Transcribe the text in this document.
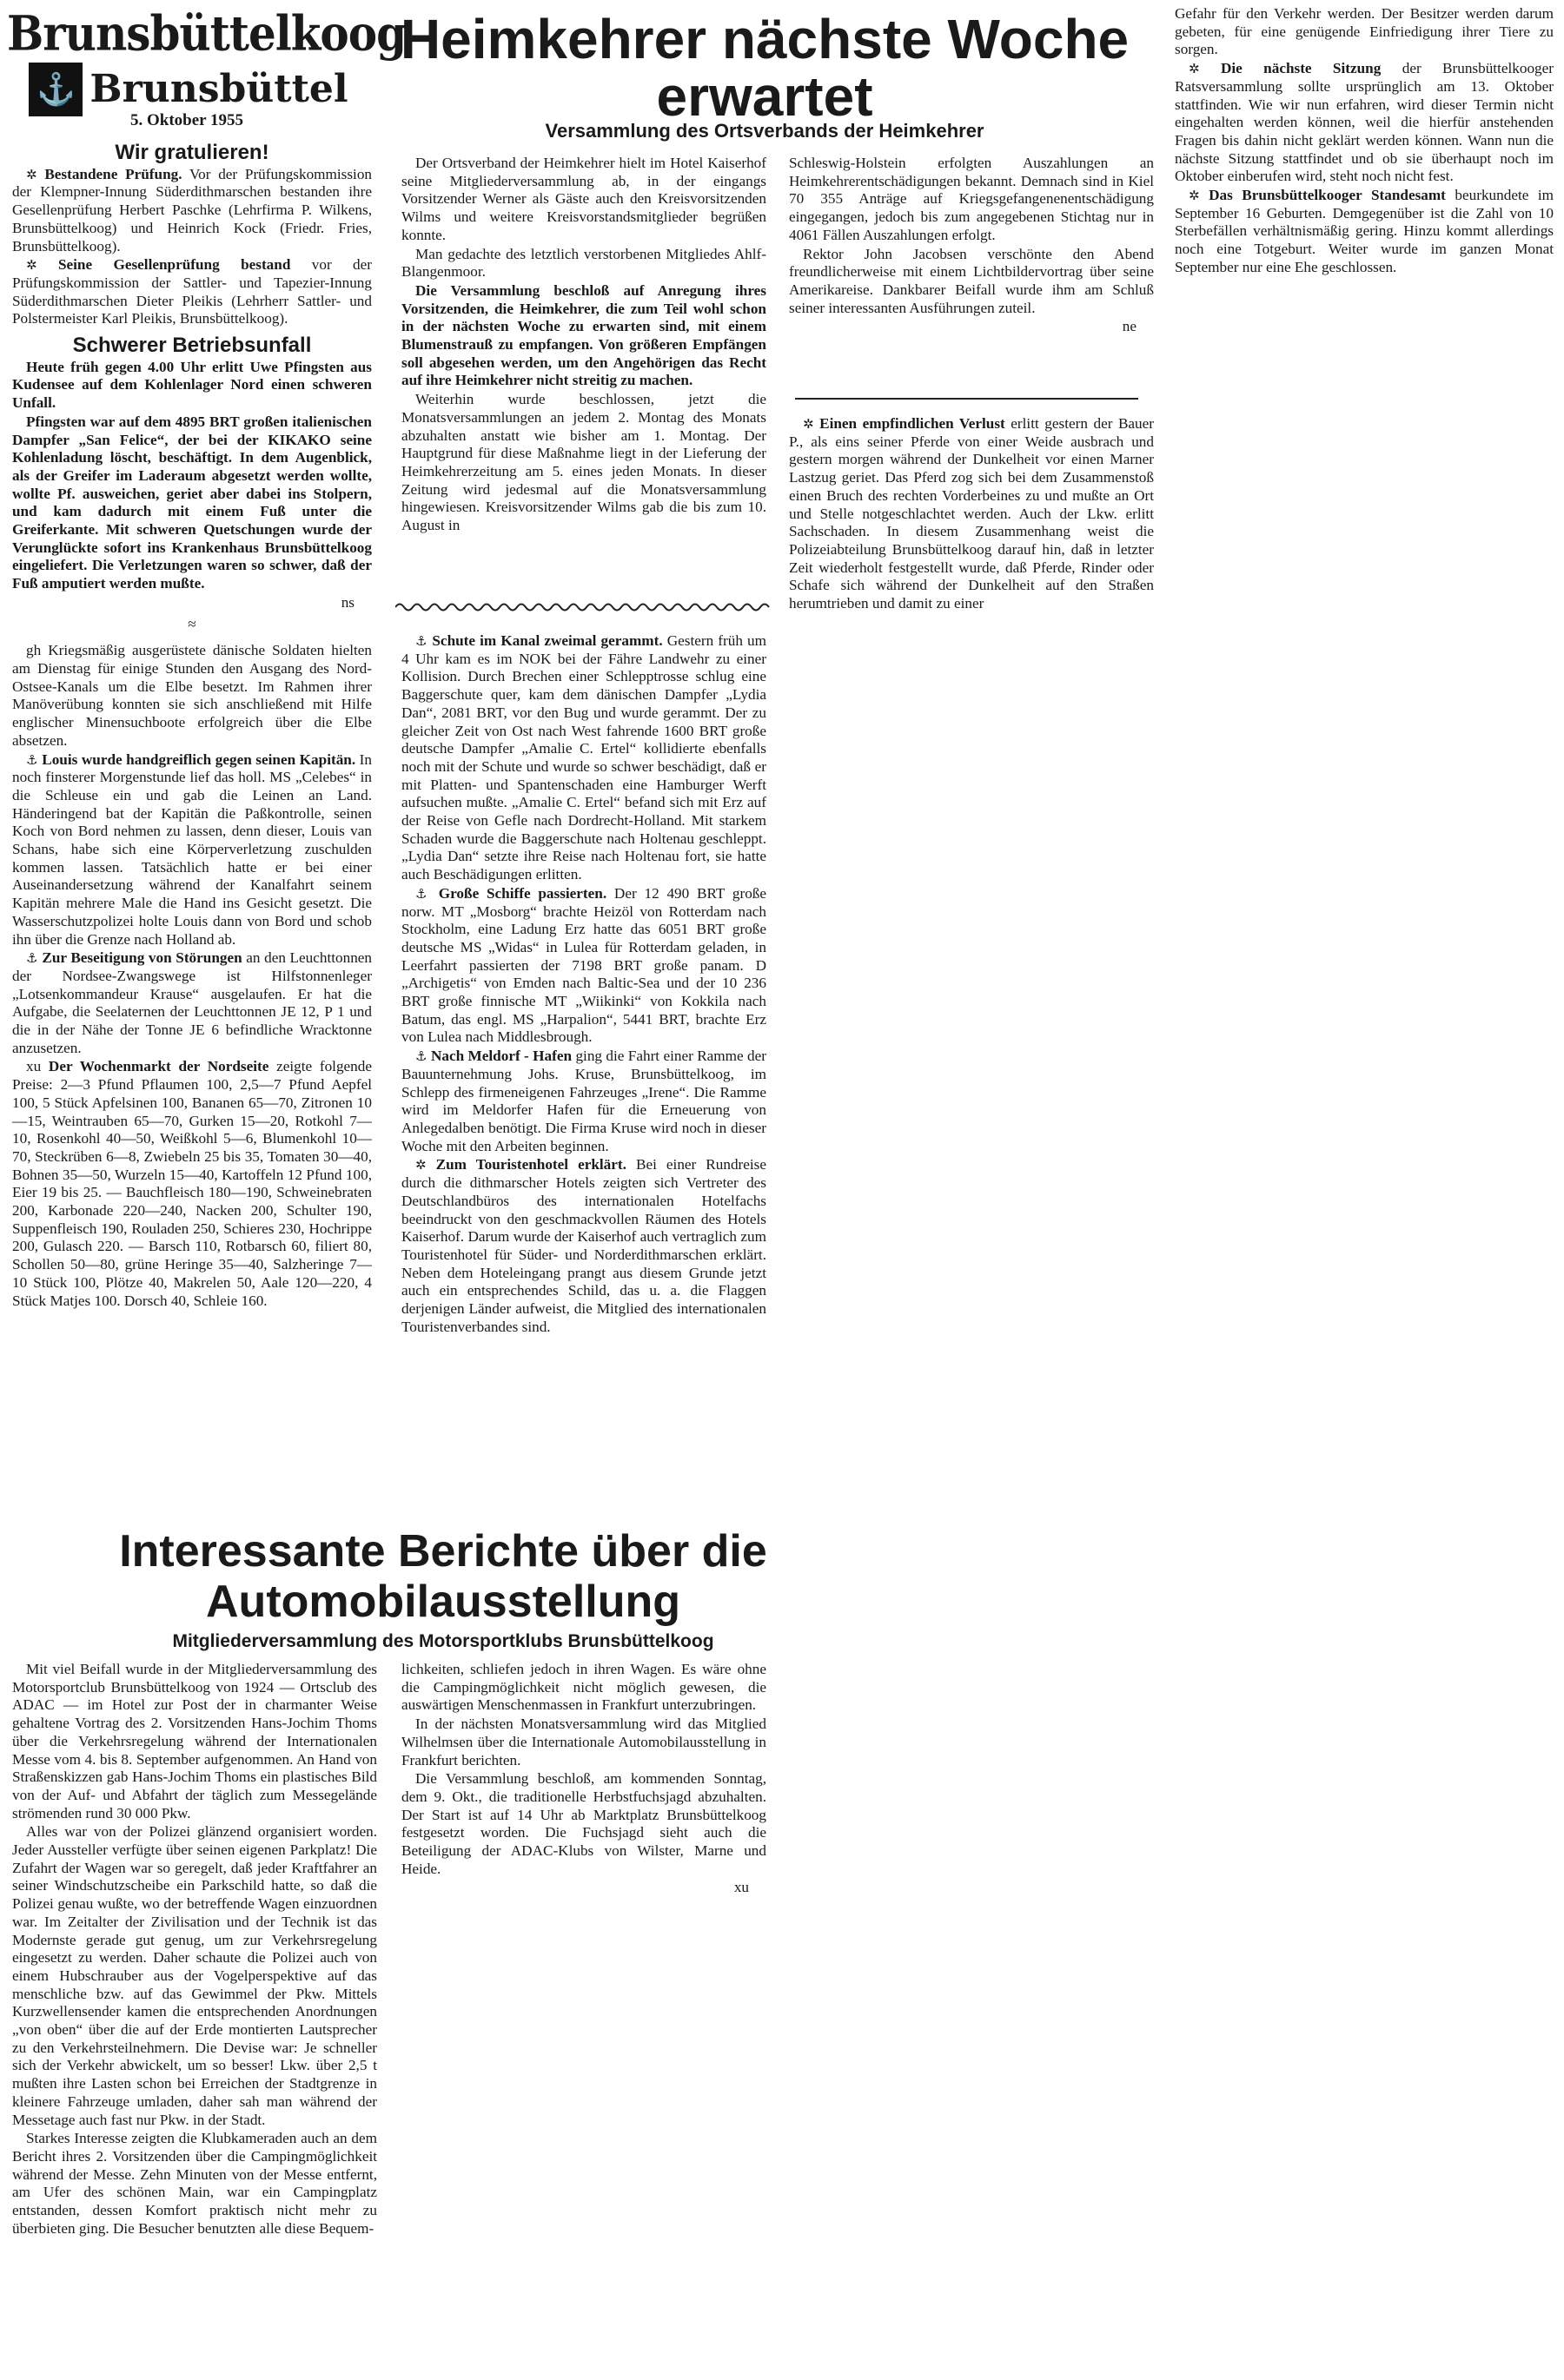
Brunsbüttelkoog
⚓ Brunsbüttel
5. Oktober 1955
Wir gratulieren!

✲ Bestandene Prüfung. Vor der Prüfungskommission der Klempner-Innung Süderdithmarschen bestanden ihre Gesellenprüfung Herbert Paschke (Lehrfirma P. Wilkens, Brunsbüttelkoog) und Heinrich Kock (Friedr. Fries, Brunsbüttelkoog).

✲ Seine Gesellenprüfung bestand vor der Prüfungskommission der Sattler- und Tapezier-Innung Süderdithmarschen Dieter Pleikis (Lehrherr Sattler- und Polstermeister Karl Pleikis, Brunsbüttelkoog).

Schwerer Betriebsunfall

Heute früh gegen 4.00 Uhr erlitt Uwe Pfingsten aus Kudensee auf dem Kohlenlager Nord einen schweren Unfall.

Pfingsten war auf dem 4895 BRT großen italienischen Dampfer „San Felice“, der bei der KIKAKO seine Kohlenladung löscht, beschäftigt. In dem Augenblick, als der Greifer im Laderaum abgesetzt werden wollte, wollte Pf. ausweichen, geriet aber dabei ins Stolpern, und kam dadurch mit einem Fuß unter die Greiferkante. Mit schweren Quetschungen wurde der Verunglückte sofort ins Krankenhaus Brunsbüttelkoog eingeliefert. Die Verletzungen waren so schwer, daß der Fuß amputiert werden mußte.

ns

≈

gh Kriegsmäßig ausgerüstete dänische Soldaten hielten am Dienstag für einige Stunden den Ausgang des Nord-Ostsee-Kanals um die Elbe besetzt. Im Rahmen ihrer Manöverübung konnten sie sich anschließend mit Hilfe englischer Minensuchboote erfolgreich über die Elbe absetzen.

⚓ Louis wurde handgreiflich gegen seinen Kapitän. In noch finsterer Morgenstunde lief das holl. MS „Celebes“ in die Schleuse ein und gab die Leinen an Land. Händeringend bat der Kapitän die Paßkontrolle, seinen Koch von Bord nehmen zu lassen, denn dieser, Louis van Schans, habe sich eine Körperverletzung zuschulden kommen lassen. Tatsächlich hatte er bei einer Auseinandersetzung während der Kanalfahrt seinem Kapitän mehrere Male die Hand ins Gesicht gesetzt. Die Wasserschutzpolizei holte Louis dann von Bord und schob ihn über die Grenze nach Holland ab.

⚓ Zur Beseitigung von Störungen an den Leuchttonnen der Nordsee-Zwangswege ist Hilfstonnenleger „Lotsenkommandeur Krause“ ausgelaufen. Er hat die Aufgabe, die Seelaternen der Leuchttonnen JE 12, P 1 und die in der Nähe der Tonne JE 6 befindliche Wracktonne anzusetzen.

xu Der Wochenmarkt der Nordseite zeigte folgende Preise: 2—3 Pfund Pflaumen 100, 2,5—7 Pfund Aepfel 100, 5 Stück Apfelsinen 100, Bananen 65—70, Zitronen 10—15, Weintrauben 65—70, Gurken 15—20, Rotkohl 7—10, Rosenkohl 40—50, Weißkohl 5—6, Blumenkohl 10—70, Steckrüben 6—8, Zwiebeln 25 bis 35, Tomaten 30—40, Bohnen 35—50, Wurzeln 15—40, Kartoffeln 12 Pfund 100, Eier 19 bis 25. — Bauchfleisch 180—190, Schweinebraten 200, Karbonade 220—240, Nacken 200, Schulter 190, Suppenfleisch 190, Rouladen 250, Schieres 230, Hochrippe 200, Gulasch 220. — Barsch 110, Rotbarsch 60, filiert 80, Schollen 50—80, grüne Heringe 35—40, Salzheringe 7—10 Stück 100, Plötze 40, Makrelen 50, Aale 120—220, 4 Stück Matjes 100. Dorsch 40, Schleie 160.

Heimkehrer nächste Woche erwartet
Versammlung des Ortsverbands der Heimkehrer

Der Ortsverband der Heimkehrer hielt im Hotel Kaiserhof seine Mitgliederversammlung ab, in der eingangs Vorsitzender Werner als Gäste auch den Kreisvorsitzenden Wilms und weitere Kreisvorstandsmitglieder begrüßen konnte.

Man gedachte des letztlich verstorbenen Mitgliedes Ahlf-Blangenmoor.

Die Versammlung beschloß auf Anregung ihres Vorsitzenden, die Heimkehrer, die zum Teil wohl schon in der nächsten Woche zu erwarten sind, mit einem Blumenstrauß zu empfangen. Von größeren Empfängen soll abgesehen werden, um den Angehörigen das Recht auf ihre Heimkehrer nicht streitig zu machen.

Weiterhin wurde beschlossen, jetzt die Monatsversammlungen an jedem 2. Montag des Monats abzuhalten anstatt wie bisher am 1. Montag. Der Hauptgrund für diese Maßnahme liegt in der Lieferung der Heimkehrerzeitung am 5. eines jeden Monats. In dieser Zeitung wird jedesmal auf die Monatsversammlung hingewiesen. Kreisvorsitzender Wilms gab die bis zum 10. August in

Schleswig-Holstein erfolgten Auszahlungen an Heimkehrerentschädigungen bekannt. Demnach sind in Kiel 70 355 Anträge auf Kriegsgefangenenentschädigung eingegangen, jedoch bis zum angegebenen Stichtag nur in 4061 Fällen Auszahlungen erfolgt.

Rektor John Jacobsen verschönte den Abend freundlicherweise mit einem Lichtbildervortrag über seine Amerikareise. Dankbarer Beifall wurde ihm am Schluß seiner interessanten Ausführungen zuteil.

ne

⚓ Schute im Kanal zweimal gerammt. Gestern früh um 4 Uhr kam es im NOK bei der Fähre Landwehr zu einer Kollision. Durch Brechen einer Schlepptrosse schlug eine Baggerschute quer, kam dem dänischen Dampfer „Lydia Dan“, 2081 BRT, vor den Bug und wurde gerammt. Der zu gleicher Zeit von Ost nach West fahrende 1600 BRT große deutsche Dampfer „Amalie C. Ertel“ kollidierte ebenfalls noch mit der Schute und wurde so schwer beschädigt, daß er mit Platten- und Spantenschaden eine Hamburger Werft aufsuchen mußte. „Amalie C. Ertel“ befand sich mit Erz auf der Reise von Gefle nach Dordrecht-Holland. Mit starkem Schaden wurde die Baggerschute nach Holtenau geschleppt. „Lydia Dan“ setzte ihre Reise nach Holtenau fort, sie hatte auch Beschädigungen erlitten.

⚓ Große Schiffe passierten. Der 12 490 BRT große norw. MT „Mosborg“ brachte Heizöl von Rotterdam nach Stockholm, eine Ladung Erz hatte das 6051 BRT große deutsche MS „Widas“ in Lulea für Rotterdam geladen, in Leerfahrt passierten der 7198 BRT große panam. D „Archigetis“ von Emden nach Baltic-Sea und der 10 236 BRT große finnische MT „Wiikinki“ von Kokkila nach Batum, das engl. MS „Harpalion“, 5441 BRT, brachte Erz von Lulea nach Middlesbrough.

⚓ Nach Meldorf - Hafen ging die Fahrt einer Ramme der Bauunternehmung Johs. Kruse, Brunsbüttelkoog, im Schlepp des firmeneigenen Fahrzeuges „Irene“. Die Ramme wird im Meldorfer Hafen für die Erneuerung von Anlegedalben benötigt. Die Firma Kruse wird noch in dieser Woche mit den Arbeiten beginnen.

✲ Zum Touristenhotel erklärt. Bei einer Rundreise durch die dithmarscher Hotels zeigten sich Vertreter des Deutschlandbüros des internationalen Hotelfachs beeindruckt von den geschmackvollen Räumen des Hotels Kaiserhof. Darum wurde der Kaiserhof auch vertraglich zum Touristenhotel für Süder- und Norderdithmarschen erklärt. Neben dem Hoteleingang prangt aus diesem Grunde jetzt auch ein entsprechendes Schild, das u. a. die Flaggen derjenigen Länder aufweist, die Mitglied des internationalen Touristenverbandes sind.

✲ Einen empfindlichen Verlust erlitt gestern der Bauer P., als eins seiner Pferde von einer Weide ausbrach und gestern morgen während der Dunkelheit vor einen Marner Lastzug geriet. Das Pferd zog sich bei dem Zusammenstoß einen Bruch des rechten Vorderbeines zu und mußte an Ort und Stelle notgeschlachtet werden. Auch der Lkw. erlitt Sachschaden. In diesem Zusammenhang weist die Polizeiabteilung Brunsbüttelkoog darauf hin, daß in letzter Zeit wiederholt festgestellt wurde, daß Pferde, Rinder oder Schafe sich während der Dunkelheit auf den Straßen herumtrieben und damit zu einer

Gefahr für den Verkehr werden. Der Besitzer werden darum gebeten, für eine genügende Einfriedigung ihrer Tiere zu sorgen.

✲ Die nächste Sitzung der Brunsbüttelkooger Ratsversammlung sollte ursprünglich am 13. Oktober stattfinden. Wie wir nun erfahren, wird dieser Termin nicht eingehalten werden können, weil die hierfür anstehenden Fragen bis dahin nicht geklärt werden können. Wann nun die nächste Sitzung stattfindet und ob sie überhaupt noch im Oktober einberufen wird, steht noch nicht fest.

✲ Das Brunsbüttelkooger Standesamt beurkundete im September 16 Geburten. Demgegenüber ist die Zahl von 10 Sterbefällen verhältnismäßig gering. Hinzu kommt allerdings noch eine Totgeburt. Weiter wurde im ganzen Monat September nur eine Ehe geschlossen.

Interessante Berichte über die Automobilausstellung
Mitgliederversammlung des Motorsportklubs Brunsbüttelkoog

Mit viel Beifall wurde in der Mitgliederversammlung des Motorsportclub Brunsbüttelkoog von 1924 — Ortsclub des ADAC — im Hotel zur Post der in charmanter Weise gehaltene Vortrag des 2. Vorsitzenden Hans-Jochim Thoms über die Verkehrsregelung während der Internationalen Messe vom 4. bis 8. September aufgenommen. An Hand von Straßenskizzen gab Hans-Jochim Thoms ein plastisches Bild von der Auf- und Abfahrt der täglich zum Messegelände strömenden rund 30 000 Pkw.

Alles war von der Polizei glänzend organisiert worden. Jeder Aussteller verfügte über seinen eigenen Parkplatz! Die Zufahrt der Wagen war so geregelt, daß jeder Kraftfahrer an seiner Windschutzscheibe ein Parkschild hatte, so daß die Polizei genau wußte, wo der betreffende Wagen einzuordnen war. Im Zeitalter der Zivilisation und der Technik ist das Modernste gerade gut genug, um zur Verkehrsregelung eingesetzt zu werden. Daher schaute die Polizei auch von einem Hubschrauber aus der Vogelperspektive auf das menschliche bzw. auf das Gewimmel der Pkw. Mittels Kurzwellensender kamen die entsprechenden Anordnungen „von oben“ über die auf der Erde montierten Lautsprecher zu den Verkehrsteilnehmern. Die Devise war: Je schneller sich der Verkehr abwickelt, um so besser! Lkw. über 2,5 t mußten ihre Lasten schon bei Erreichen der Stadtgrenze in kleinere Fahrzeuge umladen, daher sah man während der Messetage auch fast nur Pkw. in der Stadt.

Starkes Interesse zeigten die Klubkameraden auch an dem Bericht ihres 2. Vorsitzenden über die Campingmöglichkeit während der Messe. Zehn Minuten von der Messe entfernt, am Ufer des schönen Main, war ein Campingplatz entstanden, dessen Komfort praktisch nicht mehr zu überbieten ging. Die Besucher benutzten alle diese Bequem-

lichkeiten, schliefen jedoch in ihren Wagen. Es wäre ohne die Campingmöglichkeit nicht möglich gewesen, die auswärtigen Menschenmassen in Frankfurt unterzubringen.

In der nächsten Monatsversammlung wird das Mitglied Wilhelmsen über die Internationale Automobilausstellung in Frankfurt berichten.

Die Versammlung beschloß, am kommenden Sonntag, dem 9. Okt., die traditionelle Herbstfuchsjagd abzuhalten. Der Start ist auf 14 Uhr ab Marktplatz Brunsbüttelkoog festgesetzt worden. Die Fuchsjagd sieht auch die Beteiligung der ADAC-Klubs von Wilster, Marne und Heide.

xu
